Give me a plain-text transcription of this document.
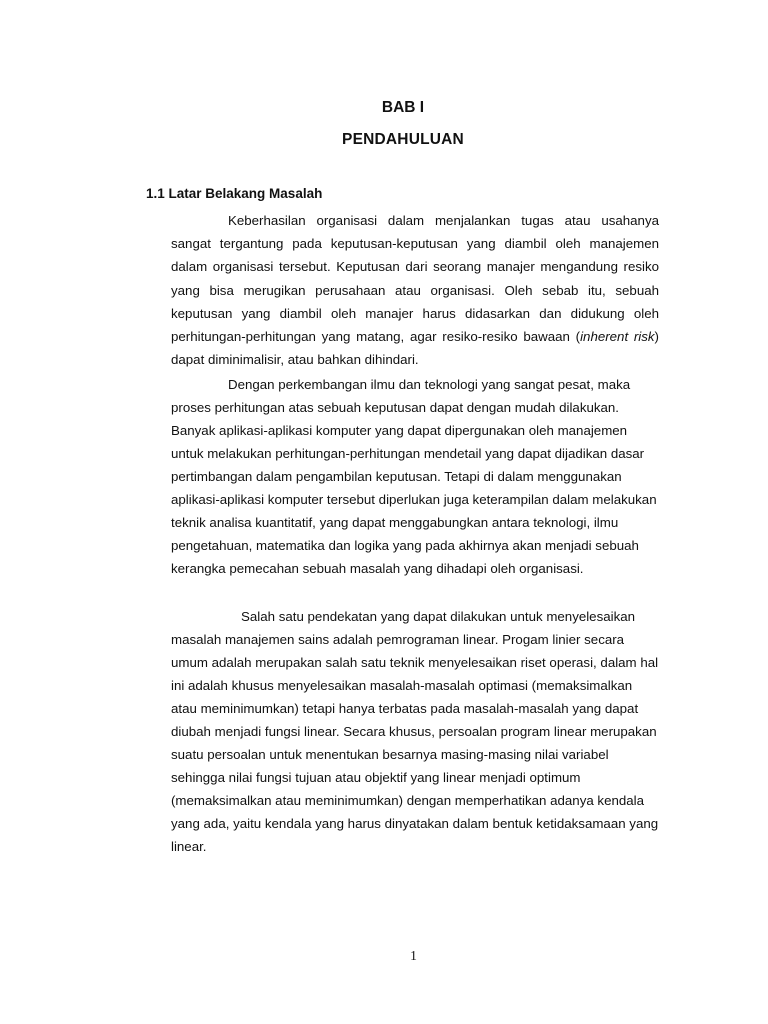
BAB I
PENDAHULUAN
1.1 Latar Belakang Masalah

Keberhasilan organisasi dalam menjalankan tugas atau usahanya sangat tergantung pada keputusan-keputusan yang diambil oleh manajemen dalam organisasi tersebut. Keputusan dari seorang manajer mengandung resiko yang bisa merugikan perusahaan atau organisasi. Oleh sebab itu, sebuah keputusan yang diambil oleh manajer harus didasarkan dan didukung oleh perhitungan-perhitungan yang matang, agar resiko-resiko bawaan (inherent risk) dapat diminimalisir, atau bahkan dihindari.

Dengan perkembangan ilmu dan teknologi yang sangat pesat, maka proses perhitungan atas sebuah keputusan dapat dengan mudah dilakukan. Banyak aplikasi-aplikasi komputer yang dapat dipergunakan oleh manajemen untuk melakukan perhitungan-perhitungan mendetail yang dapat dijadikan dasar pertimbangan dalam pengambilan keputusan. Tetapi di dalam menggunakan aplikasi-aplikasi komputer tersebut diperlukan juga keterampilan dalam melakukan teknik analisa kuantitatif, yang dapat menggabungkan antara teknologi, ilmu pengetahuan, matematika dan logika yang pada akhirnya akan menjadi sebuah kerangka pemecahan sebuah masalah yang dihadapi oleh organisasi.

Salah satu pendekatan yang dapat dilakukan untuk menyelesaikan masalah manajemen sains adalah pemrograman linear. Progam linier secara umum adalah merupakan salah satu teknik menyelesaikan riset operasi, dalam hal ini adalah khusus menyelesaikan masalah-masalah optimasi (memaksimalkan atau meminimumkan) tetapi hanya terbatas pada masalah-masalah yang dapat diubah menjadi fungsi linear. Secara khusus, persoalan program linear merupakan suatu persoalan untuk menentukan besarnya masing-masing nilai variabel sehingga nilai fungsi tujuan atau objektif yang linear menjadi optimum (memaksimalkan atau meminimumkan) dengan memperhatikan adanya kendala yang ada, yaitu kendala yang harus dinyatakan dalam bentuk ketidaksamaan yang linear.

1
